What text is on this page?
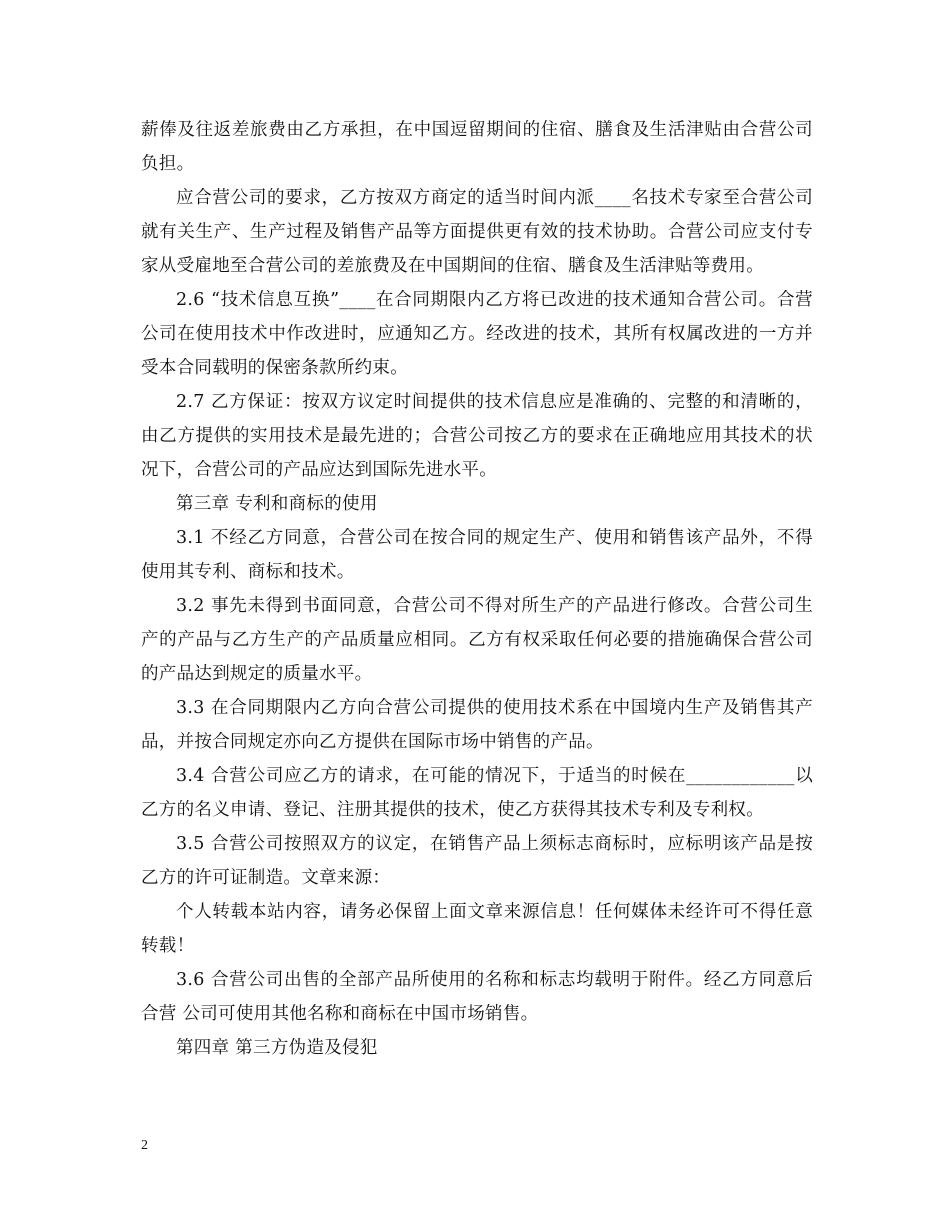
薪俸及往返差旅费由乙方承担，在中国逗留期间的住宿、膳食及生活津贴由合营公司负担。

应合营公司的要求，乙方按双方商定的适当时间内派____名技术专家至合营公司就有关生产、生产过程及销售产品等方面提供更有效的技术协助。合营公司应支付专家从受雇地至合营公司的差旅费及在中国期间的住宿、膳食及生活津贴等费用。

2.6 “技术信息互换”____在合同期限内乙方将已改进的技术通知合营公司。合营公司在使用技术中作改进时，应通知乙方。经改进的技术，其所有权属改进的一方并受本合同载明的保密条款所约束。

2.7 乙方保证：按双方议定时间提供的技术信息应是准确的、完整的和清晰的，由乙方提供的实用技术是最先进的；合营公司按乙方的要求在正确地应用其技术的状况下，合营公司的产品应达到国际先进水平。

第三章 专利和商标的使用

3.1 不经乙方同意，合营公司在按合同的规定生产、使用和销售该产品外，不得使用其专利、商标和技术。

3.2 事先未得到书面同意，合营公司不得对所生产的产品进行修改。合营公司生产的产品与乙方生产的产品质量应相同。乙方有权采取任何必要的措施确保合营公司的产品达到规定的质量水平。

3.3 在合同期限内乙方向合营公司提供的使用技术系在中国境内生产及销售其产品，并按合同规定亦向乙方提供在国际市场中销售的产品。

3.4 合营公司应乙方的请求，在可能的情况下，于适当的时候在____________以乙方的名义申请、登记、注册其提供的技术，使乙方获得其技术专利及专利权。

3.5 合营公司按照双方的议定，在销售产品上须标志商标时，应标明该产品是按乙方的许可证制造。文章来源：

个人转载本站内容，请务必保留上面文章来源信息！任何媒体未经许可不得任意转载！

3.6 合营公司出售的全部产品所使用的名称和标志均载明于附件。经乙方同意后合营 公司可使用其他名称和商标在中国市场销售。

第四章 第三方伪造及侵犯

2
